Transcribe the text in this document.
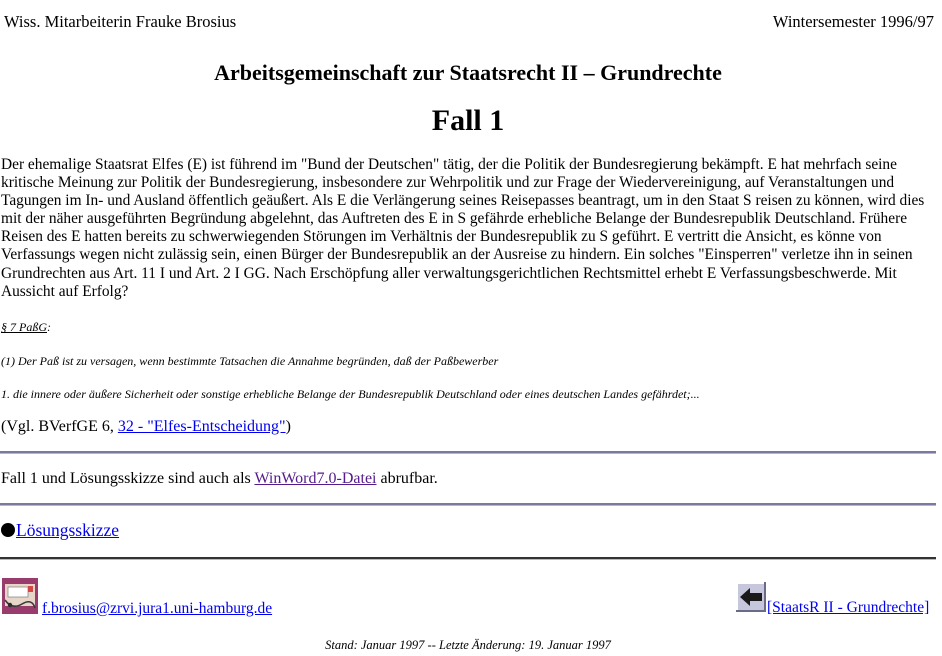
Wiss. Mitarbeiterin Frauke Brosius	Wintersemester 1996/97
Arbeitsgemeinschaft zur Staatsrecht II – Grundrechte
Fall 1
Der ehemalige Staatsrat Elfes (E) ist führend im "Bund der Deutschen" tätig, der die Politik der Bundesregierung bekämpft. E hat mehrfach seine kritische Meinung zur Politik der Bundesregierung, insbesondere zur Wehrpolitik und zur Frage der Wiedervereinigung, auf Veranstaltungen und Tagungen im In- und Ausland öffentlich geäußert. Als E die Verlängerung seines Reisepasses beantragt, um in den Staat S reisen zu können, wird dies mit der näher ausgeführten Begründung abgelehnt, das Auftreten des E in S gefährde erhebliche Belange der Bundesrepublik Deutschland. Frühere Reisen des E hatten bereits zu schwerwiegenden Störungen im Verhältnis der Bundesrepublik zu S geführt. E vertritt die Ansicht, es könne von Verfassungs wegen nicht zulässig sein, einen Bürger der Bundesrepublik an der Ausreise zu hindern. Ein solches "Einsperren" verletze ihn in seinen Grundrechten aus Art. 11 I und Art. 2 I GG. Nach Erschöpfung aller verwaltungsgerichtlichen Rechtsmittel erhebt E Verfassungsbeschwerde. Mit Aussicht auf Erfolg?
§ 7 PaßG:
(1) Der Paß ist zu versagen, wenn bestimmte Tatsachen die Annahme begründen, daß der Paßbewerber
1. die innere oder äußere Sicherheit oder sonstige erhebliche Belange der Bundesrepublik Deutschland oder eines deutschen Landes gefährdet;...
(Vgl. BVerfGE 6, 32 - "Elfes-Entscheidung")
Fall 1 und Lösungsskizze sind auch als WinWord7.0-Datei abrufbar.
Lösungsskizze
f.brosius@zrvi.jura1.uni-hamburg.de	[StaatsR II - Grundrechte]
Stand: Januar 1997 -- Letzte Änderung: 19. Januar 1997
